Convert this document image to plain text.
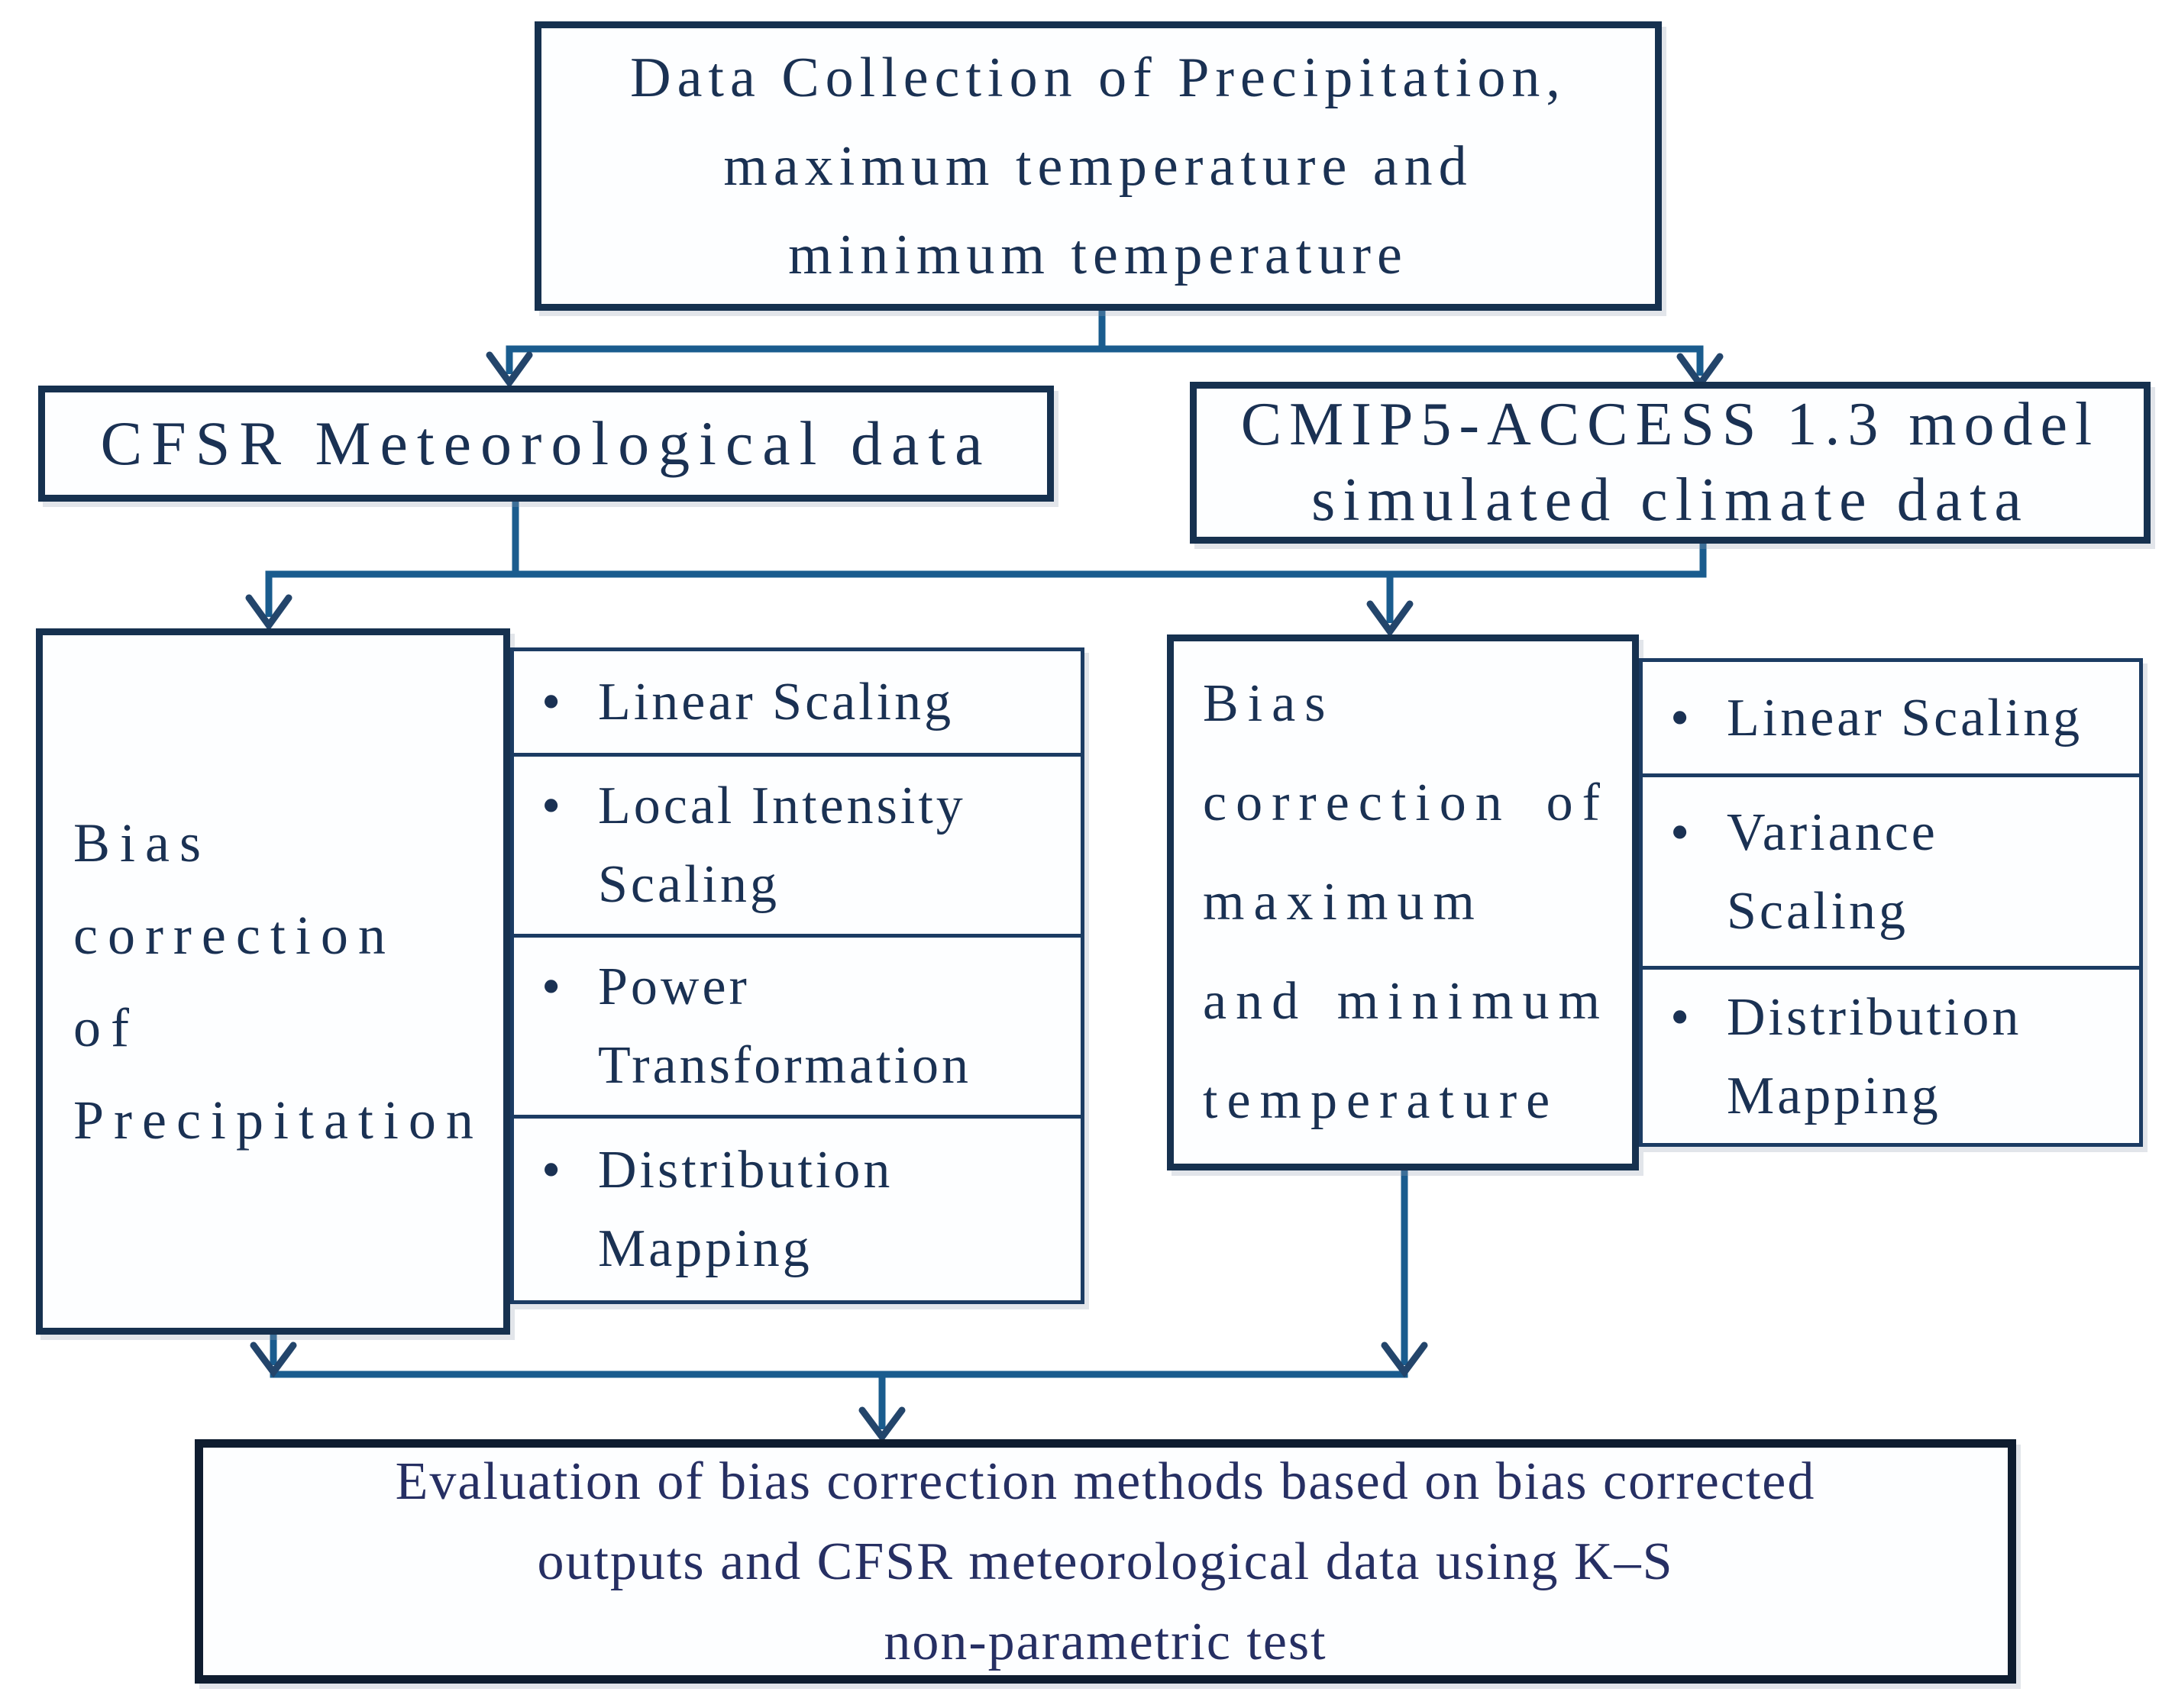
Data Collection of Precipitation,
maximum temperature and
minimum temperature
CFSR Meteorological data	CMIP5-ACCESS 1.3 model
simulated climate data
Bias
correction of
Precipitation
• Linear Scaling
• Local Intensity
Scaling
• Power
Transformation
• Distribution
Mapping
Bias
correction of
maximum
and minimum
temperature
• Linear Scaling
• Variance
Scaling
• Distribution
Mapping
Evaluation of bias correction methods based on bias corrected
outputs and CFSR meteorological data using K–S
non-parametric test
